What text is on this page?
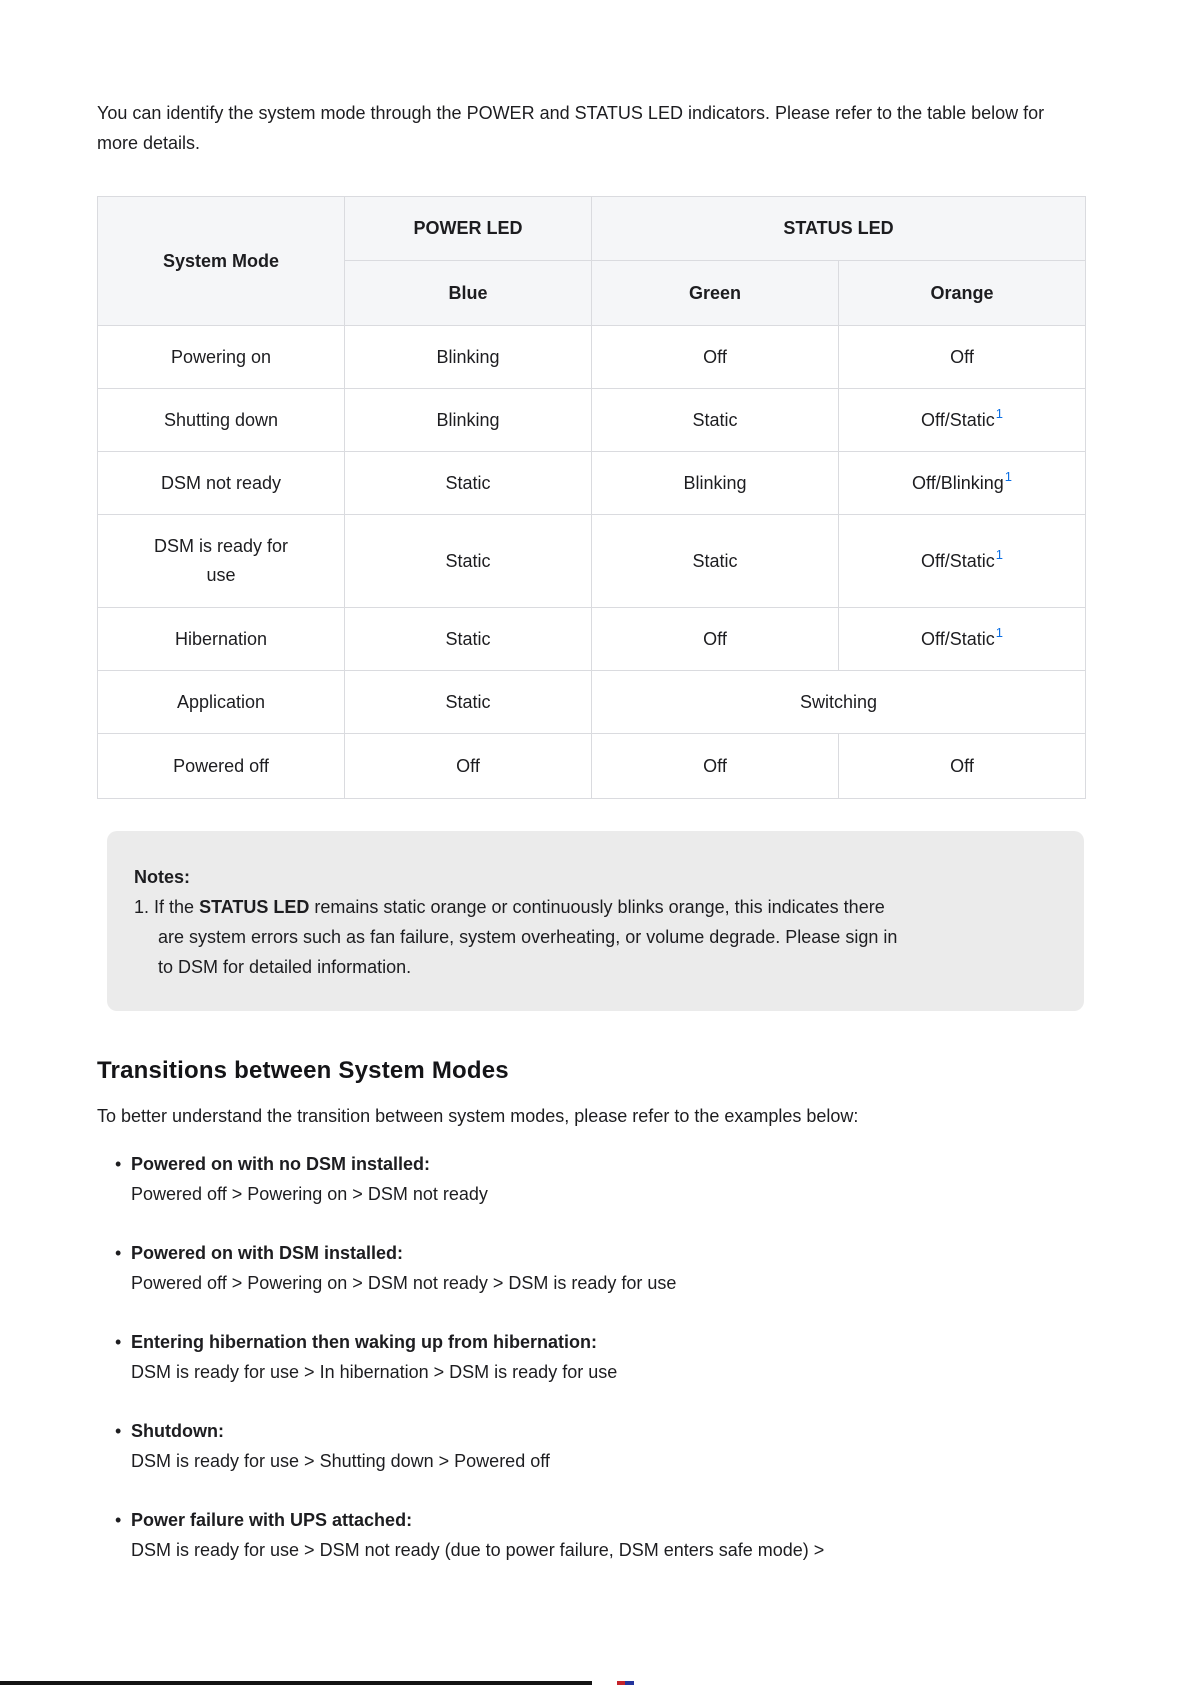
You can identify the system mode through the POWER and STATUS LED indicators. Please refer to the table below for more details.

System Mode	POWER LED	STATUS LED	
	Blue	Green	Orange
Powering on	Blinking	Off	Off
Shutting down	Blinking	Static	Off/Static$^1$
DSM not ready	Static	Blinking	Off/Blinking$^1$
DSM is ready for use	Static	Static	Off/Static$^1$
Hibernation	Static	Off	Off/Static$^1$
Application	Static	Switching	
Powered off	Off	Off	Off
Notes:
1. If the STATUS LED remains static orange or continuously blinks orange, this indicates there are system errors such as fan failure, system overheating, or volume degrade. Please sign in to DSM for detailed information.
Transitions between System Modes

To better understand the transition between system modes, please refer to the examples below:

• Powered on with no DSM installed:
Powered off > Powering on > DSM not ready
• Powered on with DSM installed:
Powered off > Powering on > DSM not ready > DSM is ready for use
• Entering hibernation then waking up from hibernation:
DSM is ready for use > In hibernation > DSM is ready for use
• Shutdown:
DSM is ready for use > Shutting down > Powered off
• Power failure with UPS attached:
DSM is ready for use > DSM not ready (due to power failure, DSM enters safe mode) >
